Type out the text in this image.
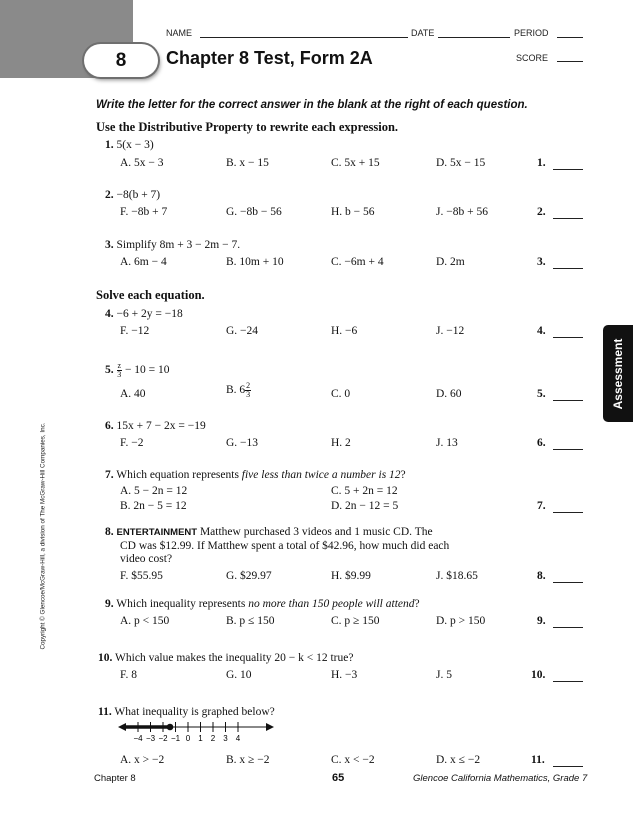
8
NAME	DATE	PERIOD
SCORE
Chapter 8 Test, Form 2A
Write the letter for the correct answer in the blank at the right of each question.
Use the Distributive Property to rewrite each expression.
1. 5(x − 3)
A. 5x − 3	B. x − 15	C. 5x + 15	D. 5x − 15	1.
2. −8(b + 7)
F. −8b + 7	G. −8b − 56	H. b − 56	J. −8b + 56	2.
3. Simplify 8m + 3 − 2m − 7.
A. 6m − 4	B. 10m + 10	C. −6m + 4	D. 2m	3.
Solve each equation.
4. −6 + 2y = −18
F. −12	G. −24	H. −6	J. −12	4.
5. $\frac{z}{3} - 10 = 10$
A. 40	B. $6 \frac{2}{3}$	C. 0	D. 60	5.
6. 15x + 7 − 2x = −19
F. −2	G. −13	H. 2	J. 13	6.
7. Which equation represents five less than twice a number is 12?
A. 5 − 2n = 12
B. 2n − 5 = 12
C. 5 + 2n = 12
D. 2n − 12 = 5	7.
8. ENTERTAINMENT Matthew purchased 3 videos and 1 music CD. The
CD was $12.99. If Matthew spent a total of $42.96, how much did each
video cost?
F. $55.95	G. $29.97	H. $9.99	J. $18.65	8.
9. Which inequality represents no more than 150 people will attend?
A. p < 150	B. p ≤ 150	C. p ≥ 150	D. p > 150	9.
10. Which value makes the inequality 20 − k < 12 true?
F. 8	G. 10	H. −3	J. 5	10.
11. What inequality is graphed below?
−4 −3 −2 −1 0 1 2 3 4
A. x > −2	B. x ≥ −2	C. x < −2	D. x ≤ −2	11.
Chapter 8	65	Glencoe California Mathematics, Grade 7
Assessment
Copyright © Glencoe/McGraw-Hill, a division of The McGraw-Hill Companies, Inc.
